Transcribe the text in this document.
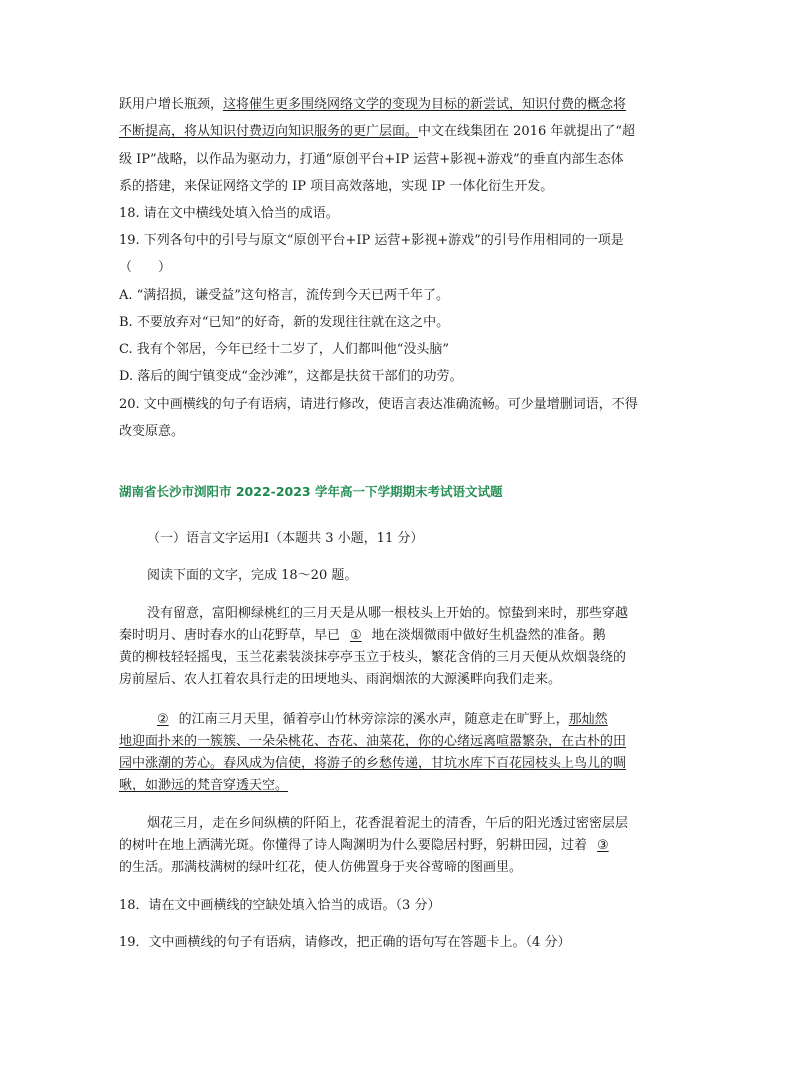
跃用户增长瓶颈，这将催生更多围绕网络文学的变现为目标的新尝试，知识付费的概念将
不断提高，将从知识付费迈向知识服务的更广层面。中文在线集团在 2016 年就提出了“超
级 IP”战略，以作品为驱动力，打通“原创平台+IP 运营+影视+游戏”的垂直内部生态体
系的搭建，来保证网络文学的 IP 项目高效落地，实现 IP 一体化衍生开发。
18. 请在文中横线处填入恰当的成语。
19. 下列各句中的引号与原文“原创平台+IP 运营+影视+游戏”的引号作用相同的一项是
（　　）
A. “满招损，谦受益”这句格言，流传到今天已两千年了。
B. 不要放弃对“已知”的好奇，新的发现往往就在这之中。
C. 我有个邻居，今年已经十二岁了，人们都叫他“没头脑”
D. 落后的闽宁镇变成“金沙滩”，这都是扶贫干部们的功劳。
20. 文中画横线的句子有语病，请进行修改，使语言表达准确流畅。可少量增删词语，不得
改变原意。
湖南省长沙市浏阳市 2022-2023 学年高一下学期期末考试语文试题
（一）语言文字运用Ⅰ（本题共 3 小题，11 分）
阅读下面的文字，完成 18～20 题。
没有留意，富阳柳绿桃红的三月天是从哪一根枝头上开始的。惊蛰到来时，那些穿越
秦时明月、唐时春水的山花野草，早已 ① 地在淡烟微雨中做好生机盎然的准备。鹅
黄的柳枝轻轻摇曳，玉兰花素装淡抹亭亭玉立于枝头，繁花含俏的三月天便从炊烟袅绕的
房前屋后、农人扛着农具行走的田埂地头、雨润烟浓的大源溪畔向我们走来。
② 的江南三月天里，循着亭山竹林旁淙淙的溪水声，随意走在旷野上，那灿然
地迎面扑来的一簇簇、一朵朵桃花、杏花、油菜花，你的心绪远离喧嚣繁杂，在古朴的田
园中涨潮的芳心。春风成为信使，将游子的乡愁传递，甘坑水库下百花园枝头上鸟儿的啁
啾，如渺远的梵音穿透天空。
烟花三月，走在乡间纵横的阡陌上，花香混着泥土的清香，午后的阳光透过密密层层
的树叶在地上洒满光斑。你懂得了诗人陶渊明为什么要隐居村野，躬耕田园，过着 ③
的生活。那满枝满树的绿叶红花，使人仿佛置身于夹谷莺啼的图画里。
18．请在文中画横线的空缺处填入恰当的成语。（3 分）
19．文中画横线的句子有语病，请修改，把正确的语句写在答题卡上。（4 分）
